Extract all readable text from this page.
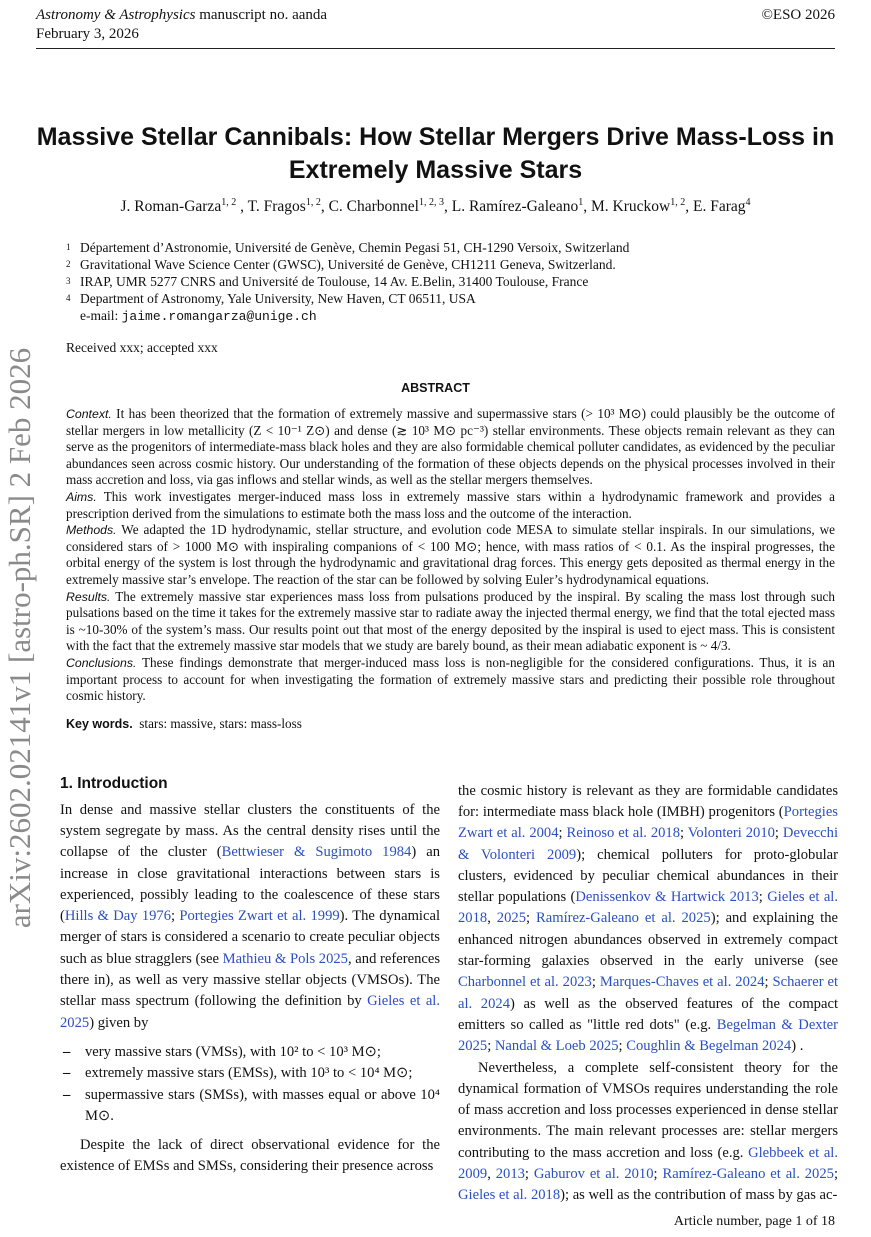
Astronomy & Astrophysics manuscript no. aanda
February 3, 2026
©ESO 2026
arXiv:2602.02141v1 [astro-ph.SR] 2 Feb 2026
Massive Stellar Cannibals: How Stellar Mergers Drive Mass-Loss in Extremely Massive Stars
J. Roman-Garza$^{1, 2}$ , T. Fragos$^{1, 2}$, C. Charbonnel$^{1, 2, 3}$, L. Ramírez-Galeano$^1$, M. Kruckow$^{1, 2}$, E. Farag$^4$
1 Département d’Astronomie, Université de Genève, Chemin Pegasi 51, CH-1290 Versoix, Switzerland
2 Gravitational Wave Science Center (GWSC), Université de Genève, CH1211 Geneva, Switzerland.
3 IRAP, UMR 5277 CNRS and Université de Toulouse, 14 Av. E.Belin, 31400 Toulouse, France
4 Department of Astronomy, Yale University, New Haven, CT 06511, USA
e-mail: jaime.romangarza@unige.ch
Received xxx; accepted xxx
ABSTRACT

Context. It has been theorized that the formation of extremely massive and supermassive stars (> 10³ M⊙) could plausibly be the outcome of stellar mergers in low metallicity (Z < 10⁻¹ Z⊙) and dense (≳ 10³ M⊙ pc⁻³) stellar environments. These objects remain relevant as they can serve as the progenitors of intermediate-mass black holes and they are also formidable chemical polluter candidates, as evidenced by the peculiar abundances seen across cosmic history. Our understanding of the formation of these objects depends on the physical processes involved in their mass accretion and loss, via gas inflows and stellar winds, as well as the stellar mergers themselves.

Aims. This work investigates merger-induced mass loss in extremely massive stars within a hydrodynamic framework and provides a prescription derived from the simulations to estimate both the mass loss and the outcome of the interaction.

Methods. We adapted the 1D hydrodynamic, stellar structure, and evolution code MESA to simulate stellar inspirals. In our simulations, we considered stars of > 1000 M⊙ with inspiraling companions of < 100 M⊙; hence, with mass ratios of < 0.1. As the inspiral progresses, the orbital energy of the system is lost through the hydrodynamic and gravitational drag forces. This energy gets deposited as thermal energy in the extremely massive star’s envelope. The reaction of the star can be followed by solving Euler’s hydrodynamical equations.

Results. The extremely massive star experiences mass loss from pulsations produced by the inspiral. By scaling the mass lost through such pulsations based on the time it takes for the extremely massive star to radiate away the injected thermal energy, we find that the total ejected mass is ~10-30% of the system’s mass. Our results point out that most of the energy deposited by the inspiral is used to eject mass. This is consistent with the fact that the extremely massive star models that we study are barely bound, as their mean adiabatic exponent is ~ 4/3.

Conclusions. These findings demonstrate that merger-induced mass loss is non-negligible for the considered configurations. Thus, it is an important process to account for when investigating the formation of extremely massive stars and predicting their possible role throughout cosmic history.

Key words. stars: massive, stars: mass-loss

1. Introduction

In dense and massive stellar clusters the constituents of the system segregate by mass. As the central density rises until the collapse of the cluster (Bettwieser & Sugimoto 1984) an increase in close gravitational interactions between stars is experienced, possibly leading to the coalescence of these stars (Hills & Day 1976; Portegies Zwart et al. 1999). The dynamical merger of stars is considered a scenario to create peculiar objects such as blue stragglers (see Mathieu & Pols 2025, and references there in), as well as very massive stellar objects (VMSOs). The stellar mass spectrum (following the definition by Gieles et al. 2025) given by

– very massive stars (VMSs), with 10² to < 10³ M⊙;
– extremely massive stars (EMSs), with 10³ to < 10⁴ M⊙;
– supermassive stars (SMSs), with masses equal or above 10⁴ M⊙.

Despite the lack of direct observational evidence for the existence of EMSs and SMSs, considering their presence across

the cosmic history is relevant as they are formidable candidates for: intermediate mass black hole (IMBH) progenitors (Portegies Zwart et al. 2004; Reinoso et al. 2018; Volonteri 2010; Devecchi & Volonteri 2009); chemical polluters for proto-globular clusters, evidenced by peculiar chemical abundances in their stellar populations (Denissenkov & Hartwick 2013; Gieles et al. 2018, 2025; Ramírez-Galeano et al. 2025); and explaining the enhanced nitrogen abundances observed in extremely compact star-forming galaxies observed in the early universe (see Charbonnel et al. 2023; Marques-Chaves et al. 2024; Schaerer et al. 2024) as well as the observed features of the compact emitters so called as "little red dots" (e.g. Begelman & Dexter 2025; Nandal & Loeb 2025; Coughlin & Begelman 2024) .

Nevertheless, a complete self-consistent theory for the dynamical formation of VMSOs requires understanding the role of mass accretion and loss processes experienced in dense stellar environments. The main relevant processes are: stellar mergers contributing to the mass accretion and loss (e.g. Glebbeek et al. 2009, 2013; Gaburov et al. 2010; Ramírez-Galeano et al. 2025; Gieles et al. 2018); as well as the contribution of mass by gas ac-

Article number, page 1 of 18
